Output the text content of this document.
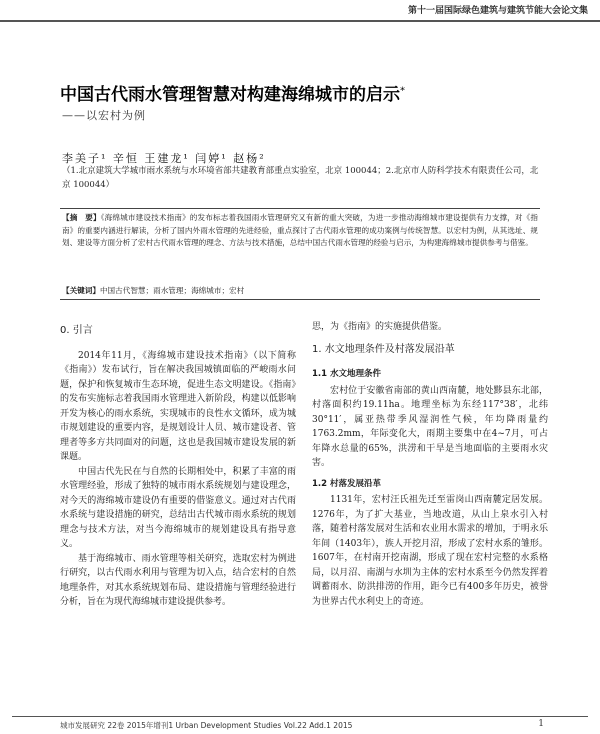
第十一届国际绿色建筑与建筑节能大会论文集
中国古代雨水管理智慧对构建海绵城市的启示*
——以宏村为例
李美子¹ 辛恒 王建龙¹ 闫婷¹ 赵杨²
（1.北京建筑大学城市雨水系统与水环境省部共建教育部重点实验室，北京 100044；2.北京市人防科学技术有限责任公司，北京 100044）
【摘　要】《海绵城市建设技术指南》的发布标志着我国雨水管理研究又有新的重大突破，为进一步推动海绵城市建设提供有力支撑，对《指南》的重要内涵进行解读，分析了国内外雨水管理的先进经验，重点探讨了古代雨水管理的成功案例与传统智慧。以宏村为例，从其选址、规划、建设等方面分析了宏村古代雨水管理的理念、方法与技术措施，总结中国古代雨水管理的经验与启示，为构建海绵城市提供参考与借鉴。
【关键词】中国古代智慧；雨水管理；海绵城市；宏村
0. 引言

2014年11月，《海绵城市建设技术指南》（以下简称《指南》）发布试行，旨在解决我国城镇面临的严峻雨水问题，保护和恢复城市生态环境，促进生态文明建设。《指南》的发布实施标志着我国雨水管理进入新阶段，构建以低影响开发为核心的雨水系统，实现城市的良性水文循环，成为城市规划建设的重要内容，是规划设计人员、城市建设者、管理者等多方共同面对的问题，这也是我国城市建设发展的新课题。

中国古代先民在与自然的长期相处中，积累了丰富的雨水管理经验，形成了独特的城市雨水系统规划与建设理念，对今天的海绵城市建设仍有重要的借鉴意义。通过对古代雨水系统与建设措施的研究，总结出古代城市雨水系统的规划理念与技术方法，对当今海绵城市的规划建设具有指导意义。

基于海绵城市、雨水管理等相关研究，选取宏村为例进行研究，以古代雨水利用与管理为切入点，结合宏村的自然地理条件，对其水系统规划布局、建设措施与管理经验进行分析，旨在为现代海绵城市建设提供参考。

思，为《指南》的实施提供借鉴。

1. 水文地理条件及村落发展沿革
1.1 水文地理条件

宏村位于安徽省南部的黄山西南麓，地处黟县东北部，村落面积约19.11ha。地理坐标为东经117°38′，北纬30°11′，属亚热带季风湿润性气候，年均降雨量约1763.2mm，年际变化大，雨期主要集中在4~7月，可占年降水总量的65%，洪涝和干旱是当地面临的主要雨水灾害。

1.2 村落发展沿革

1131年，宏村汪氏祖先迁至雷岗山西南麓定居发展。1276年，为了扩大基业，当地改道，从山上泉水引入村落，随着村落发展对生活和农业用水需求的增加，于明永乐年间（1403年），族人开挖月沼，形成了宏村水系的雏形。1607年，在村南开挖南湖，形成了现在宏村完整的水系格局，以月沼、南湖与水圳为主体的宏村水系至今仍然发挥着调蓄雨水、防洪排涝的作用，距今已有400多年历史，被誉为世界古代水利史上的奇迹。

城市发展研究 22卷 2015年增刊1 Urban Development Studies Vol.22 Add.1 2015	1
